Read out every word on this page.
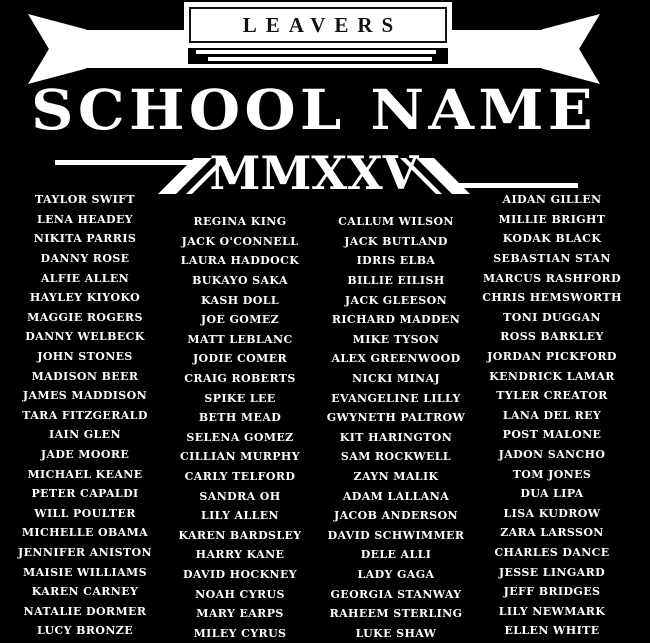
LEAVERS
SCHOOL NAME
MMXXV
TAYLOR SWIFT
LENA HEADEY
NIKITA PARRIS
DANNY ROSE
ALFIE ALLEN
HAYLEY KIYOKO
MAGGIE ROGERS
DANNY WELBECK
JOHN STONES
MADISON BEER
JAMES MADDISON
TARA FITZGERALD
IAIN GLEN
JADE MOORE
MICHAEL KEANE
PETER CAPALDI
WILL POULTER
MICHELLE OBAMA
JENNIFER ANISTON
MAISIE WILLIAMS
KAREN CARNEY
NATALIE DORMER
LUCY BRONZE
REGINA KING
JACK O'CONNELL
LAURA HADDOCK
BUKAYO SAKA
KASH DOLL
JOE GOMEZ
MATT LEBLANC
JODIE COMER
CRAIG ROBERTS
SPIKE LEE
BETH MEAD
SELENA GOMEZ
CILLIAN MURPHY
CARLY TELFORD
SANDRA OH
LILY ALLEN
KAREN BARDSLEY
HARRY KANE
DAVID HOCKNEY
NOAH CYRUS
MARY EARPS
MILEY CYRUS
CALLUM WILSON
JACK BUTLAND
IDRIS ELBA
BILLIE EILISH
JACK GLEESON
RICHARD MADDEN
MIKE TYSON
ALEX GREENWOOD
NICKI MINAJ
EVANGELINE LILLY
GWYNETH PALTROW
KIT HARINGTON
SAM ROCKWELL
ZAYN MALIK
ADAM LALLANA
JACOB ANDERSON
DAVID SCHWIMMER
DELE ALLI
LADY GAGA
GEORGIA STANWAY
RAHEEM STERLING
LUKE SHAW
AIDAN GILLEN
MILLIE BRIGHT
KODAK BLACK
SEBASTIAN STAN
MARCUS RASHFORD
CHRIS HEMSWORTH
TONI DUGGAN
ROSS BARKLEY
JORDAN PICKFORD
KENDRICK LAMAR
TYLER CREATOR
LANA DEL REY
POST MALONE
JADON SANCHO
TOM JONES
DUA LIPA
LISA KUDROW
ZARA LARSSON
CHARLES DANCE
JESSE LINGARD
JEFF BRIDGES
LILY NEWMARK
ELLEN WHITE
